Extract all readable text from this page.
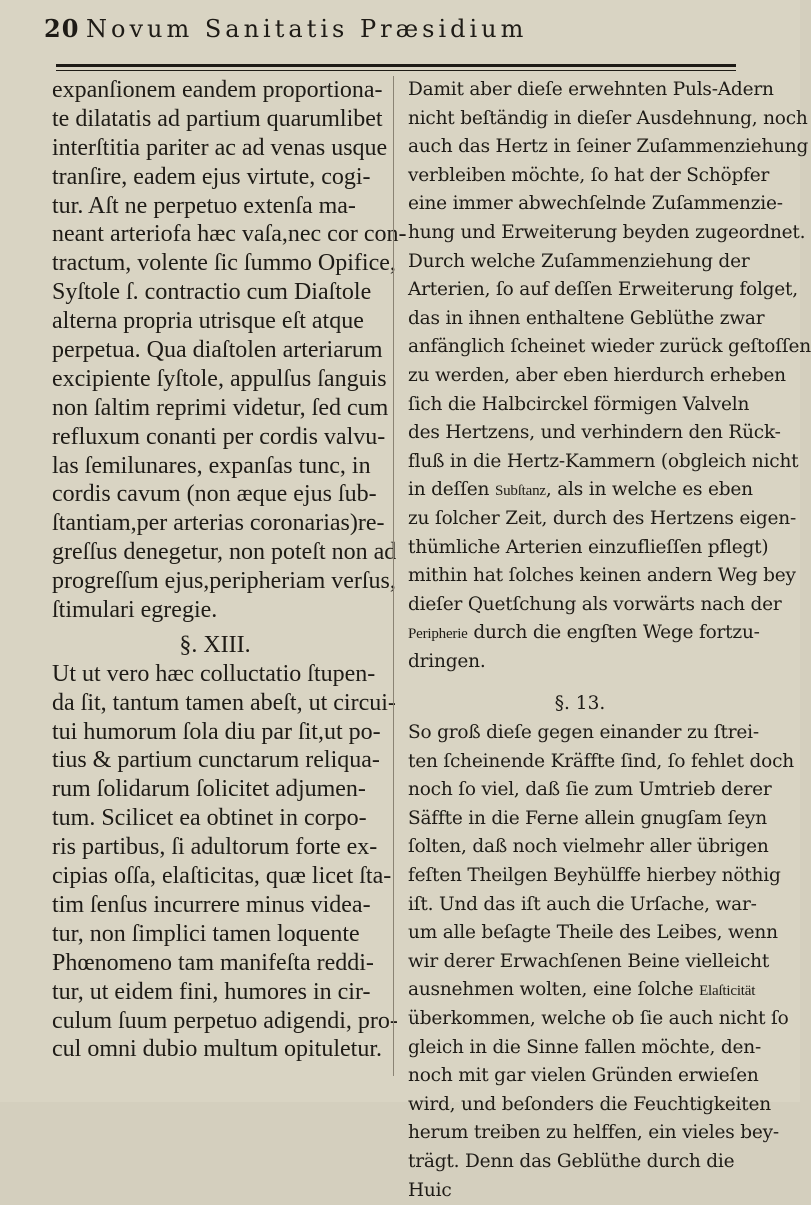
20 Novum Sanitatis Præsidium
expanſionem eandem proportiona-
te dilatatis ad partium quarumlibet
interſtitia pariter ac ad venas usque
tranſire, eadem ejus virtute, cogi-
tur. Aſt ne perpetuo extenſa ma-
neant arteriofa hæc vaſa,nec cor con-
tractum, volente ſic ſummo Opifice,
Syſtole ſ. contractio cum Diaſtole
alterna propria utrisque eſt atque
perpetua. Qua diaſtolen arteriarum
excipiente ſyſtole, appulſus ſanguis
non ſaltim reprimi videtur, ſed cum
refluxum conanti per cordis valvu-
las ſemilunares, expanſas tunc, in
cordis cavum (non æque ejus ſub-
ſtantiam,per arterias coronarias)re-
greſſus denegetur, non poteſt non ad
progreſſum ejus,peripheriam verſus,
ſtimulari egregie.
§. XIII.
Ut ut vero hæc colluctatio ſtupen-
da ſit, tantum tamen abeſt, ut circui-
tui humorum ſola diu par ſit,ut po-
tius & partium cunctarum reliqua-
rum ſolidarum ſolicitet adjumen-
tum. Scilicet ea obtinet in corpo-
ris partibus, ſi adultorum forte ex-
cipias oſſa, elaſticitas, quæ licet ſta-
tim ſenſus incurrere minus videa-
tur, non ſimplici tamen loquente
Phœnomeno tam manifeſta reddi-
tur, ut eidem fini, humores in cir-
culum ſuum perpetuo adigendi, pro-
cul omni dubio multum opituletur.
Damit aber dieſe erwehnten Puls-Adern
nicht beſtändig in dieſer Ausdehnung, noch
auch das Hertz in ſeiner Zuſammenziehung
verbleiben möchte, ſo hat der Schöpfer
eine immer abwechſelnde Zuſammenzie-
hung und Erweiterung beyden zugeordnet.
Durch welche Zuſammenziehung der
Arterien, ſo auf deſſen Erweiterung folget,
das in ihnen enthaltene Geblüthe zwar
anfänglich ſcheinet wieder zurück geſtoſſen
zu werden, aber eben hierdurch erheben
ſich die Halbcirckel förmigen Valveln
des Hertzens, und verhindern den Rück-
fluß in die Hertz-Kammern (obgleich nicht
in deſſen Subſtanz, als in welche es eben
zu ſolcher Zeit, durch des Hertzens eigen-
thümliche Arterien einzuflieſſen pflegt)
mithin hat ſolches keinen andern Weg bey
dieſer Quetſchung als vorwärts nach der
Peripherie durch die engſten Wege fortzu-
dringen.
§. 13.
So groß dieſe gegen einander zu ſtrei-
ten ſcheinende Kräffte ſind, ſo fehlet doch
noch ſo viel, daß ſie zum Umtrieb derer
Säffte in die Ferne allein gnugſam ſeyn
ſolten, daß noch vielmehr aller übrigen
feſten Theilgen Beyhülffe hierbey nöthig
iſt. Und das iſt auch die Urſache, war-
um alle beſagte Theile des Leibes, wenn
wir derer Erwachſenen Beine vielleicht
ausnehmen wolten, eine ſolche Elaſticität
überkommen, welche ob ſie auch nicht ſo
gleich in die Sinne fallen möchte, den-
noch mit gar vielen Gründen erwieſen
wird, und beſonders die Feuchtigkeiten
herum treiben zu helffen, ein vieles bey-
trägt. Denn das Geblüthe durch die
Huic
